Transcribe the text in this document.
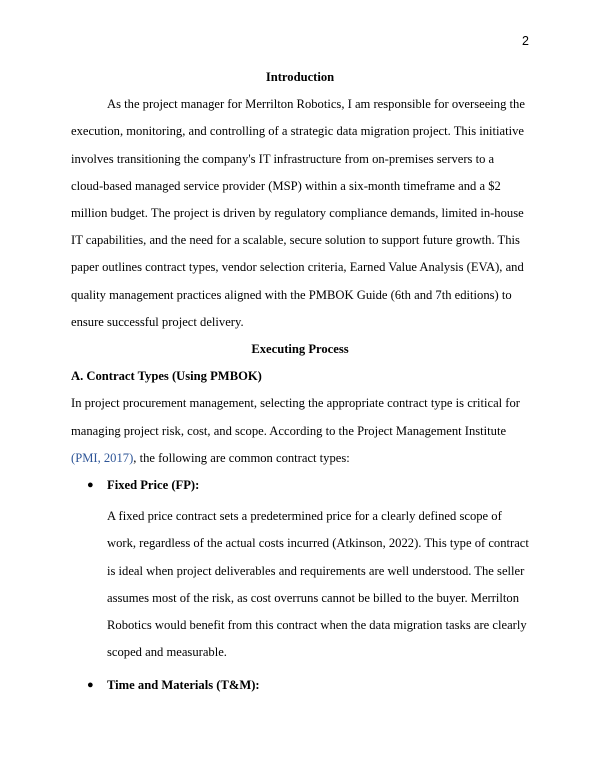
2

Introduction

As the project manager for Merrilton Robotics, I am responsible for overseeing the execution, monitoring, and controlling of a strategic data migration project. This initiative involves transitioning the company's IT infrastructure from on-premises servers to a cloud-based managed service provider (MSP) within a six-month timeframe and a $2 million budget. The project is driven by regulatory compliance demands, limited in-house IT capabilities, and the need for a scalable, secure solution to support future growth. This paper outlines contract types, vendor selection criteria, Earned Value Analysis (EVA), and quality management practices aligned with the PMBOK Guide (6th and 7th editions) to ensure successful project delivery.

Executing Process

A. Contract Types (Using PMBOK)

In project procurement management, selecting the appropriate contract type is critical for managing project risk, cost, and scope. According to the Project Management Institute (PMI, 2017), the following are common contract types:

● Fixed Price (FP):
A fixed price contract sets a predetermined price for a clearly defined scope of work, regardless of the actual costs incurred (Atkinson, 2022). This type of contract is ideal when project deliverables and requirements are well understood. The seller assumes most of the risk, as cost overruns cannot be billed to the buyer. Merrilton Robotics would benefit from this contract when the data migration tasks are clearly scoped and measurable.
● Time and Materials (T&M):
